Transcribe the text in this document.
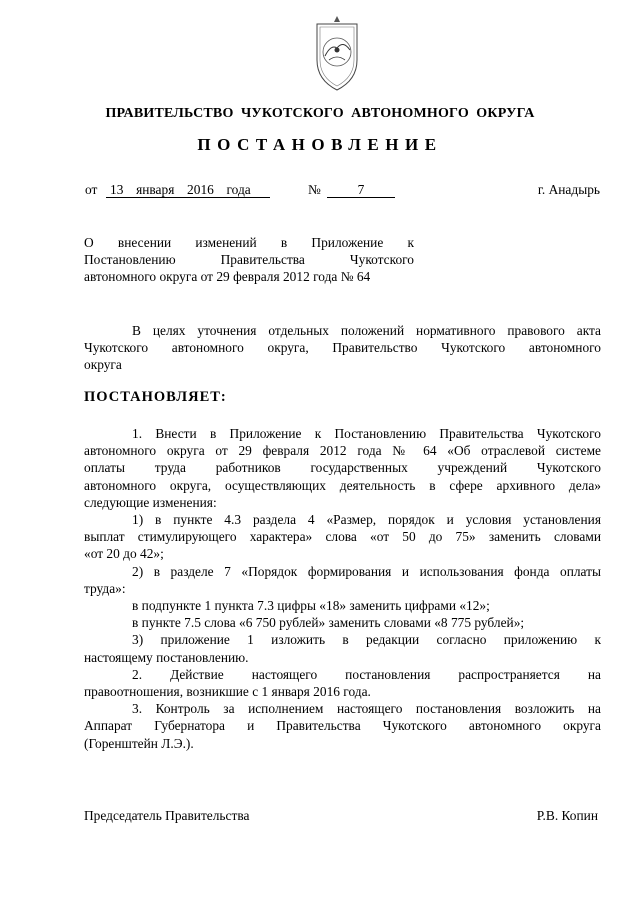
ПРАВИТЕЛЬСТВО  ЧУКОТСКОГО  АВТОНОМНОГО  ОКРУГА
ПОСТАНОВЛЕНИЕ
от 13  января  2016  года	№	7	г. Анадырь
О внесении изменений в Приложение к
Постановлению Правительства Чукотского
автономного округа от 29 февраля 2012 года № 64
В целях уточнения отдельных положений нормативного правового акта
Чукотского автономного округа, Правительство Чукотского автономного
округа
ПОСТАНОВЛЯЕТ:
1. Внести в Приложение к Постановлению Правительства Чукотского
автономного округа от 29 февраля 2012 года № 64 «Об отраслевой системе
оплаты труда работников государственных учреждений Чукотского
автономного округа, осуществляющих деятельность в сфере архивного дела»
следующие изменения:
1) в пункте 4.3 раздела 4 «Размер, порядок и условия установления
выплат стимулирующего характера» слова «от 50 до 75» заменить словами
«от 20 до 42»;
2) в разделе 7 «Порядок формирования и использования фонда оплаты
труда»:
в подпункте 1 пункта 7.3 цифры «18» заменить цифрами «12»;
в пункте 7.5 слова «6 750 рублей» заменить словами «8 775 рублей»;
3) приложение 1 изложить в редакции согласно приложению к
настоящему постановлению.
2. Действие настоящего постановления распространяется на
правоотношения, возникшие с 1 января 2016 года.
3. Контроль за исполнением настоящего постановления возложить на
Аппарат Губернатора и Правительства Чукотского автономного округа
(Горенштейн Л.Э.).
Председатель Правительства	Р.В. Копин
